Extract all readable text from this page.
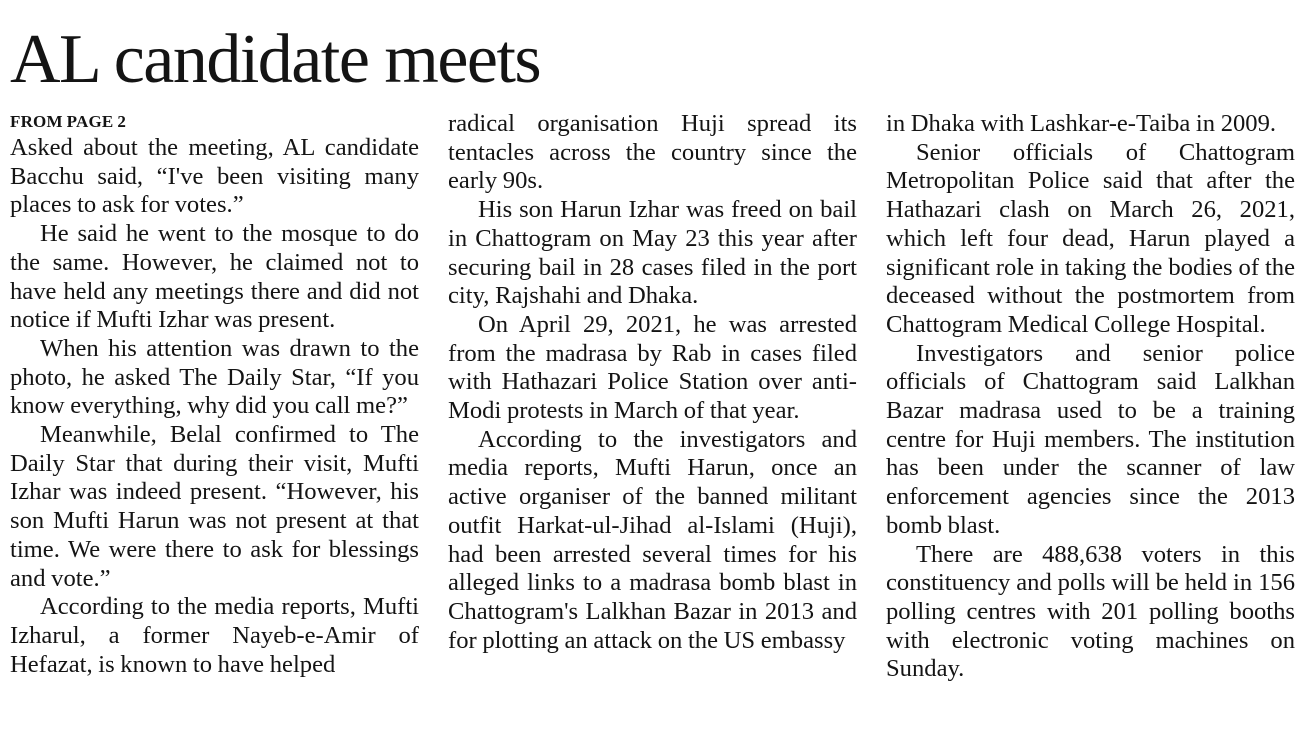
AL candidate meets
FROM PAGE 2

Asked about the meeting, AL candidate Bacchu said, “I've been visiting many places to ask for votes.”

He said he went to the mosque to do the same. However, he claimed not to have held any meetings there and did not notice if Mufti Izhar was present.

When his attention was drawn to the photo, he asked The Daily Star, “If you know everything, why did you call me?”

Meanwhile, Belal confirmed to The Daily Star that during their visit, Mufti Izhar was indeed present. “However, his son Mufti Harun was not present at that time. We were there to ask for blessings and vote.”

According to the media reports, Mufti Izharul, a former Nayeb-e-Amir of Hefazat, is known to have helped

radical organisation Huji spread its tentacles across the country since the early 90s.

His son Harun Izhar was freed on bail in Chattogram on May 23 this year after securing bail in 28 cases filed in the port city, Rajshahi and Dhaka.

On April 29, 2021, he was arrested from the madrasa by Rab in cases filed with Hathazari Police Station over anti-Modi protests in March of that year.

According to the investigators and media reports, Mufti Harun, once an active organiser of the banned militant outfit Harkat-ul-Jihad al-Islami (Huji), had been arrested several times for his alleged links to a madrasa bomb blast in Chattogram's Lalkhan Bazar in 2013 and for plotting an attack on the US embassy

in Dhaka with Lashkar-e-Taiba in 2009.

Senior officials of Chattogram Metropolitan Police said that after the Hathazari clash on March 26, 2021, which left four dead, Harun played a significant role in taking the bodies of the deceased without the postmortem from Chattogram Medical College Hospital.

Investigators and senior police officials of Chattogram said Lalkhan Bazar madrasa used to be a training centre for Huji members. The institution has been under the scanner of law enforcement agencies since the 2013 bomb blast.

There are 488,638 voters in this constituency and polls will be held in 156 polling centres with 201 polling booths with electronic voting machines on Sunday.
